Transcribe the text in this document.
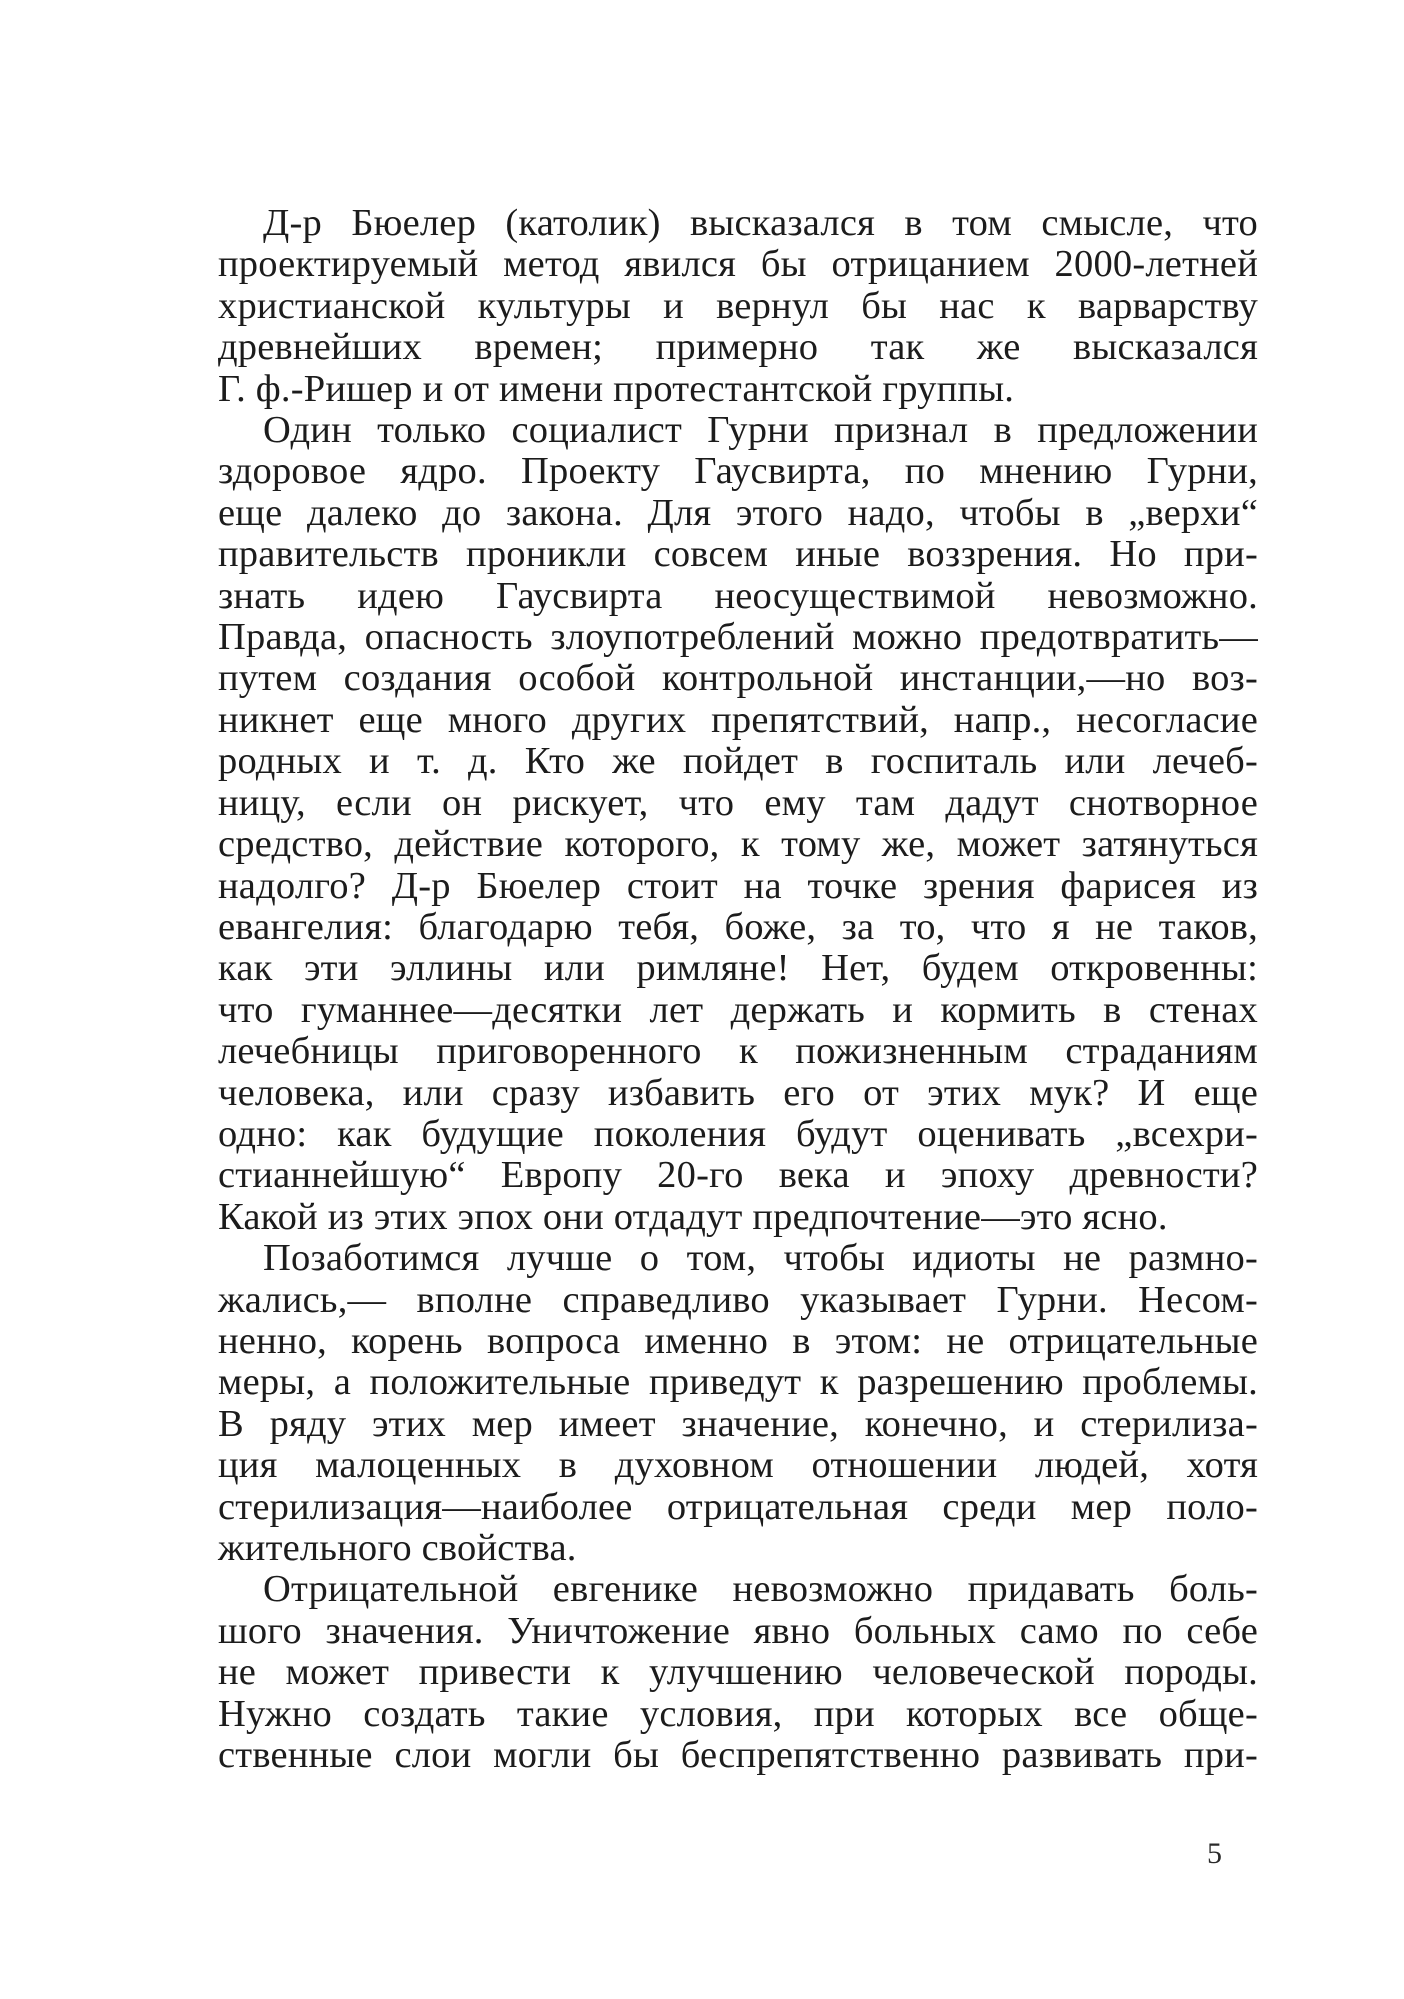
Д-р Бюелер (католик) высказался в том смысле, что
проектируемый метод явился бы отрицанием 2000-летней
христианской культуры и вернул бы нас к варварству
древнейших времен; примерно так же высказался
Г. ф.-Ришер и от имени протестантской группы.

Один только социалист Гурни признал в предложении
здоровое ядро. Проекту Гаусвирта, по мнению Гурни,
еще далеко до закона. Для этого надо, чтобы в „верхи“
правительств проникли совсем иные воззрения. Но при-
знать идею Гаусвирта неосуществимой невозможно.
Правда, опасность злоупотреблений можно предотвратить—
путем создания особой контрольной инстанции,—но воз-
никнет еще много других препятствий, напр., несогласие
родных и т. д. Кто же пойдет в госпиталь или лечеб-
ницу, если он рискует, что ему там дадут снотворное
средство, действие которого, к тому же, может затянуться
надолго? Д-р Бюелер стоит на точке зрения фарисея из
евангелия: благодарю тебя, боже, за то, что я не таков,
как эти эллины или римляне! Нет, будем откровенны:
что гуманнее—десятки лет держать и кормить в стенах
лечебницы приговоренного к пожизненным страданиям
человека, или сразу избавить его от этих мук? И еще
одно: как будущие поколения будут оценивать „всехри-
стианнейшую“ Европу 20-го века и эпоху древности?
Какой из этих эпох они отдадут предпочтение—это ясно.

Позаботимся лучше о том, чтобы идиоты не размно-
жались,— вполне справедливо указывает Гурни. Несом-
ненно, корень вопроса именно в этом: не отрицательные
меры, а положительные приведут к разрешению проблемы.
В ряду этих мер имеет значение, конечно, и стерилиза-
ция малоценных в духовном отношении людей, хотя
стерилизация—наиболее отрицательная среди мер поло-
жительного свойства.

Отрицательной евгенике невозможно придавать боль-
шого значения. Уничтожение явно больных само по себе
не может привести к улучшению человеческой породы.
Нужно создать такие условия, при которых все обще-
ственные слои могли бы беспрепятственно развивать при-

5
